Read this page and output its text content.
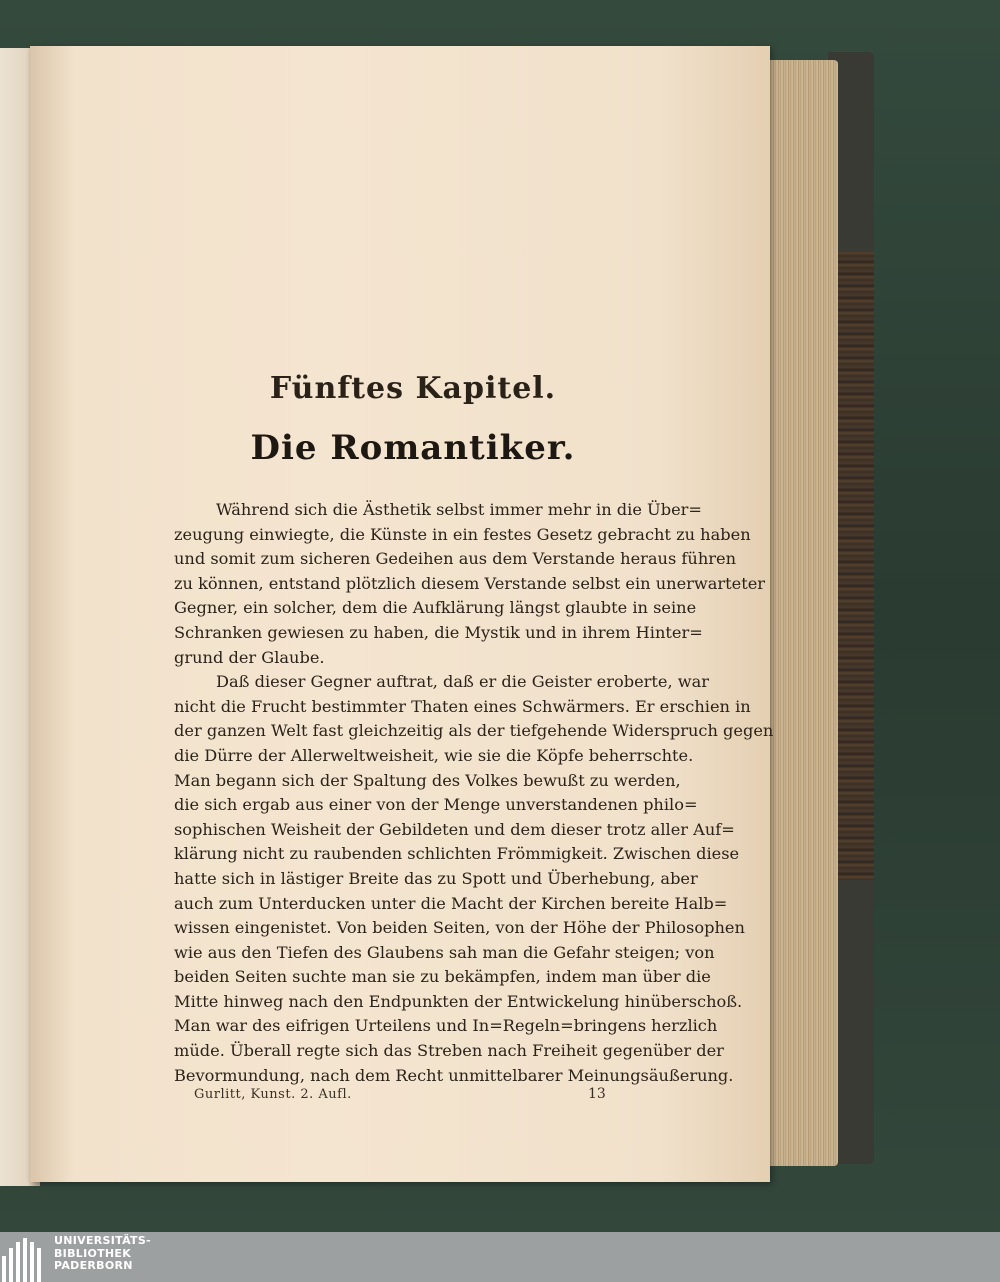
Fünftes Kapitel.
Die Romantiker.
Während sich die Ästhetik selbst immer mehr in die Über=
zeugung einwiegte, die Künste in ein festes Gesetz gebracht zu haben
und somit zum sicheren Gedeihen aus dem Verstande heraus führen
zu können, entstand plötzlich diesem Verstande selbst ein unerwarteter
Gegner, ein solcher, dem die Aufklärung längst glaubte in seine
Schranken gewiesen zu haben, die Mystik und in ihrem Hinter=
grund der Glaube.
Daß dieser Gegner auftrat, daß er die Geister eroberte, war
nicht die Frucht bestimmter Thaten eines Schwärmers. Er erschien in
der ganzen Welt fast gleichzeitig als der tiefgehende Widerspruch gegen
die Dürre der Allerweltweisheit, wie sie die Köpfe beherrschte.
Man begann sich der Spaltung des Volkes bewußt zu werden,
die sich ergab aus einer von der Menge unverstandenen philo=
sophischen Weisheit der Gebildeten und dem dieser trotz aller Auf=
klärung nicht zu raubenden schlichten Frömmigkeit. Zwischen diese
hatte sich in lästiger Breite das zu Spott und Überhebung, aber
auch zum Unterducken unter die Macht der Kirchen bereite Halb=
wissen eingenistet. Von beiden Seiten, von der Höhe der Philosophen
wie aus den Tiefen des Glaubens sah man die Gefahr steigen; von
beiden Seiten suchte man sie zu bekämpfen, indem man über die
Mitte hinweg nach den Endpunkten der Entwickelung hinüberschoß.
Man war des eifrigen Urteilens und In=Regeln=bringens herzlich
müde. Überall regte sich das Streben nach Freiheit gegenüber der
Bevormundung, nach dem Recht unmittelbarer Meinungsäußerung.
Gurlitt, Kunst. 2. Aufl.	13
UNIVERSITÄTS-
BIBLIOTHEK
PADERBORN
